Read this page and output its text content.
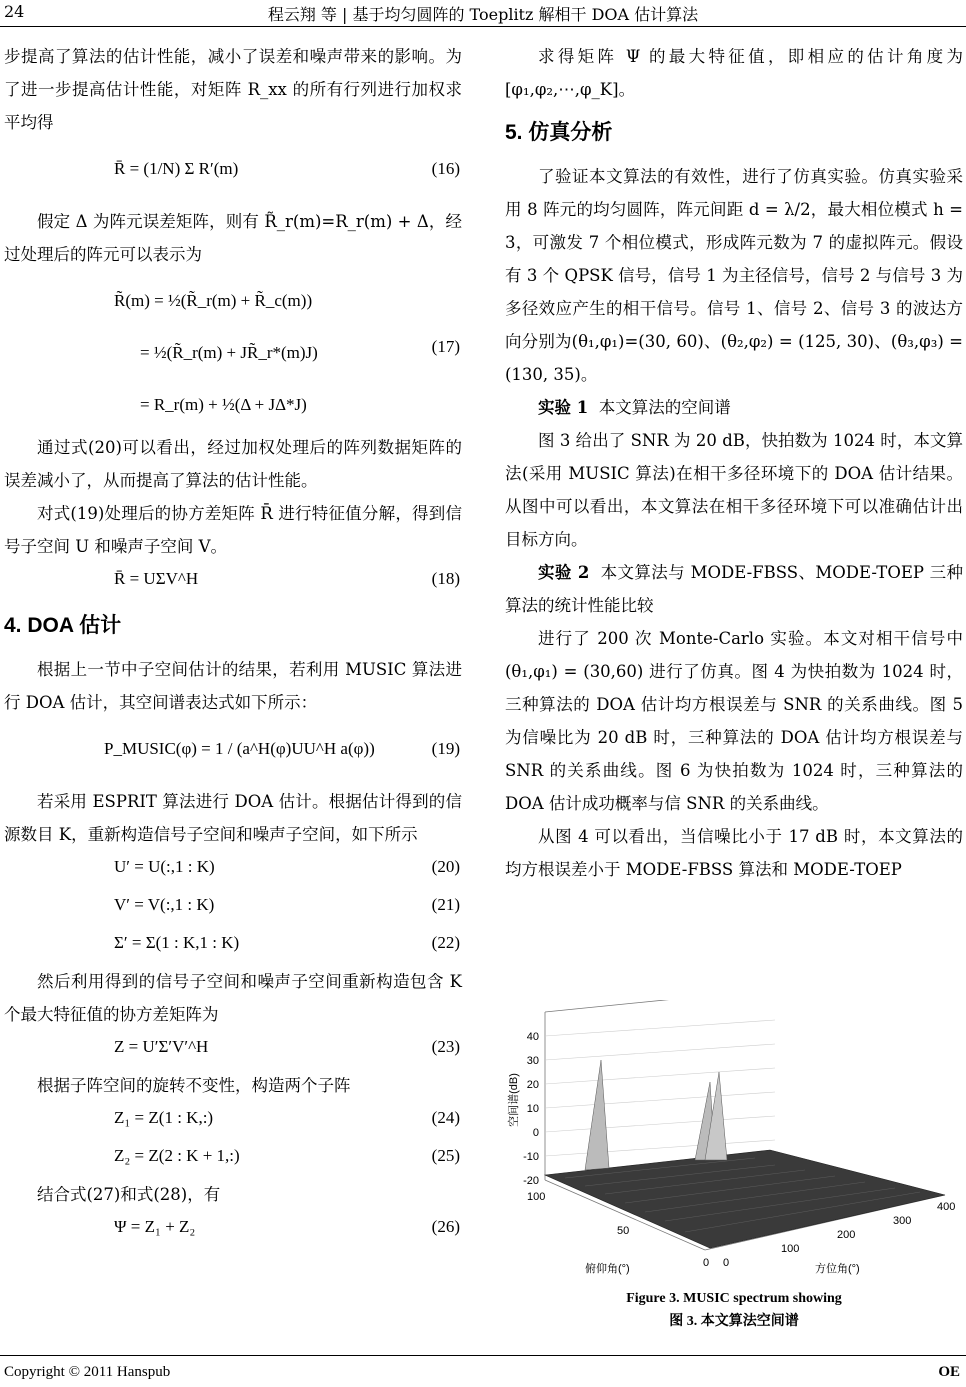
24	程云翔 等 | 基于均匀圆阵的 Toeplitz 解相干 DOA 估计算法

步提高了算法的估计性能，减小了误差和噪声带来的影响。为了进一步提高估计性能，对矩阵 R_xx 的所有行列进行加权求平均得

R̄ = (1/N) Σ R′(m)	(16)

假定 Δ 为阵元误差矩阵，则有 R̃_r(m)=R_r(m) + Δ，经过处理后的阵元可以表示为

R̃(m) = ½(R̃_r(m) + R̃_c(m))
= ½(R̃_r(m) + JR̃_r*(m)J)
= R_r(m) + ½(Δ + JΔ*J)
(17)

通过式(20)可以看出，经过加权处理后的阵列数据矩阵的误差减小了，从而提高了算法的估计性能。

对式(19)处理后的协方差矩阵 R̄ 进行特征值分解，得到信号子空间 U 和噪声子空间 V。

R̄ = UΣV^H	(18)
4. DOA 估计

根据上一节中子空间估计的结果，若利用 MUSIC 算法进行 DOA 估计，其空间谱表达式如下所示：

P_MUSIC(φ) = 1 / (a^H(φ)UU^H a(φ))	(19)

若采用 ESPRIT 算法进行 DOA 估计。根据估计得到的信源数目 K，重新构造信号子空间和噪声子空间，如下所示

U′ = U(:,1 : K)	(20)
V′ = V(:,1 : K)	(21)
Σ′ = Σ(1 : K,1 : K)	(22)

然后利用得到的信号子空间和噪声子空间重新构造包含 K 个最大特征值的协方差矩阵为

Z = U′Σ′V′^H	(23)

根据子阵空间的旋转不变性，构造两个子阵

Z₁ = Z(1 : K,:)	(24)
Z₂ = Z(2 : K + 1,:)	(25)

结合式(27)和式(28)，有

Ψ = Z₁ + Z₂	(26)

求得矩阵 Ψ 的最大特征值，即相应的估计角度为 [φ₁,φ₂,⋯,φ_K]。

5. 仿真分析

了验证本文算法的有效性，进行了仿真实验。仿真实验采用 8 阵元的均匀圆阵，阵元间距 d = λ/2，最大相位模式 h = 3，可激发 7 个相位模式，形成阵元数为 7 的虚拟阵元。假设有 3 个 QPSK 信号，信号 1 为主径信号，信号 2 与信号 3 为多径效应产生的相干信号。信号 1、信号 2、信号 3 的波达方向分别为(θ₁,φ₁)=(30, 60)、(θ₂,φ₂) = (125, 30)、(θ₃,φ₃) = (130, 35)。

实验 1 本文算法的空间谱

图 3 给出了 SNR 为 20 dB，快拍数为 1024 时，本文算法(采用 MUSIC 算法)在相干多径环境下的 DOA 估计结果。从图中可以看出，本文算法在相干多径环境下可以准确估计出目标方向。

实验 2 本文算法与 MODE-FBSS、MODE-TOEP 三种算法的统计性能比较

进行了 200 次 Monte-Carlo 实验。本文对相干信号中 (θ₁,φ₁) = (30,60) 进行了仿真。图 4 为快拍数为 1024 时，三种算法的 DOA 估计均方根误差与 SNR 的关系曲线。图 5 为信噪比为 20 dB 时，三种算法的 DOA 估计均方根误差与 SNR 的关系曲线。图 6 为快拍数为 1024 时，三种算法的 DOA 估计成功概率与信 SNR 的关系曲线。

从图 4 可以看出，当信噪比小于 17 dB 时，本文算法的均方根误差小于 MODE-FBSS 算法和 MODE-TOEP

40
30
20
10
0
-10
-20
空间谱(dB)
100
50
0
俯仰角(°)	0
100
200
300
400
方位角(°)
Figure 3. MUSIC spectrum showing
图 3. 本文算法空间谱
Copyright © 2011 Hanspub	OE
